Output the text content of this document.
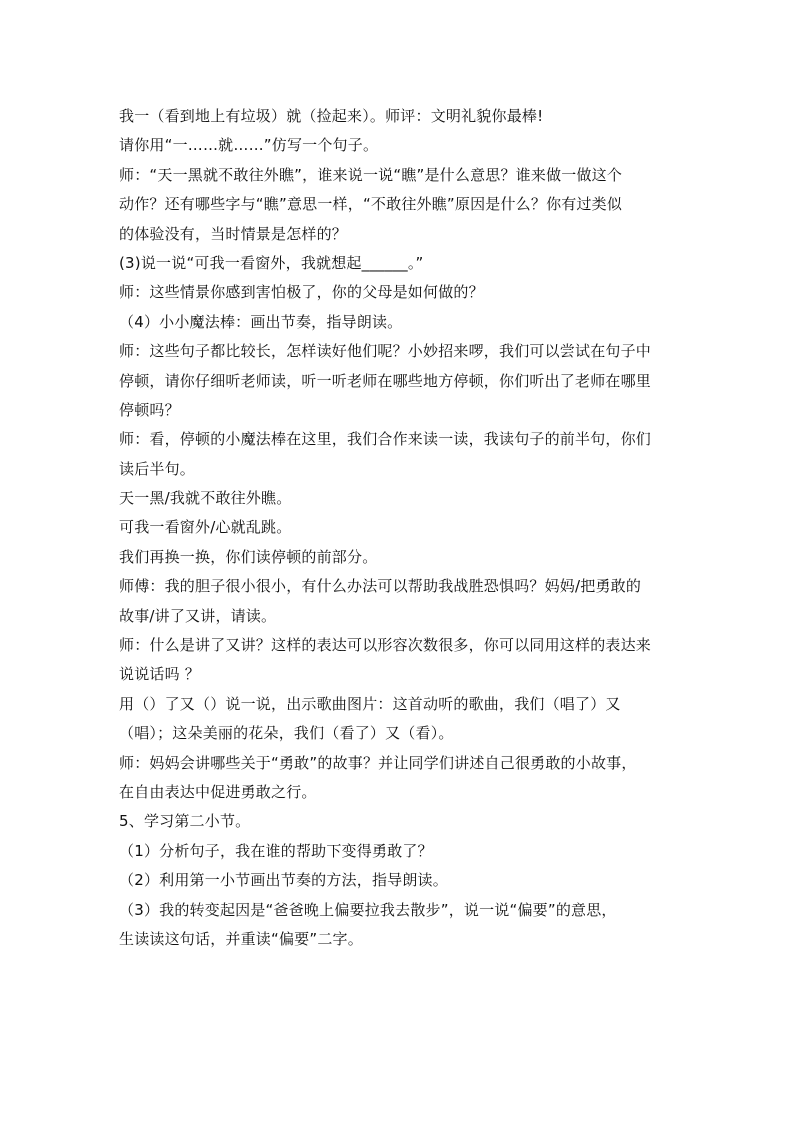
我一（看到地上有垃圾）就（捡起来）。师评：文明礼貌你最棒!
请你用“一……就……”仿写一个句子。
师：“天一黑就不敢往外瞧”，谁来说一说“瞧”是什么意思？谁来做一做这个
动作？还有哪些字与“瞧”意思一样，“不敢往外瞧”原因是什么？你有过类似
的体验没有，当时情景是怎样的？
(3)说一说“可我一看窗外，我就想起______。”
师：这些情景你感到害怕极了，你的父母是如何做的？
（4）小小魔法棒：画出节奏，指导朗读。
师：这些句子都比较长，怎样读好他们呢？小妙招来啰，我们可以尝试在句子中
停顿，请你仔细听老师读，听一听老师在哪些地方停顿，你们听出了老师在哪里
停顿吗？
师：看，停顿的小魔法棒在这里，我们合作来读一读，我读句子的前半句，你们
读后半句。
天一黑/我就不敢往外瞧。
可我一看窗外/心就乱跳。
我们再换一换，你们读停顿的前部分。
师傅：我的胆子很小很小，有什么办法可以帮助我战胜恐惧吗？妈妈/把勇敢的
故事/讲了又讲，请读。
师：什么是讲了又讲？这样的表达可以形容次数很多，你可以同用这样的表达来
说说话吗 ？
用（）了又（）说一说，出示歌曲图片：这首动听的歌曲，我们（唱了）又
（唱）；这朵美丽的花朵，我们（看了）又（看）。
师：妈妈会讲哪些关于“勇敢”的故事？并让同学们讲述自己很勇敢的小故事，
在自由表达中促进勇敢之行。
5、学习第二小节。
（1）分析句子，我在谁的帮助下变得勇敢了？
（2）利用第一小节画出节奏的方法，指导朗读。
（3）我的转变起因是“爸爸晚上偏要拉我去散步”，说一说“偏要”的意思，
生读读这句话，并重读“偏要”二字。
